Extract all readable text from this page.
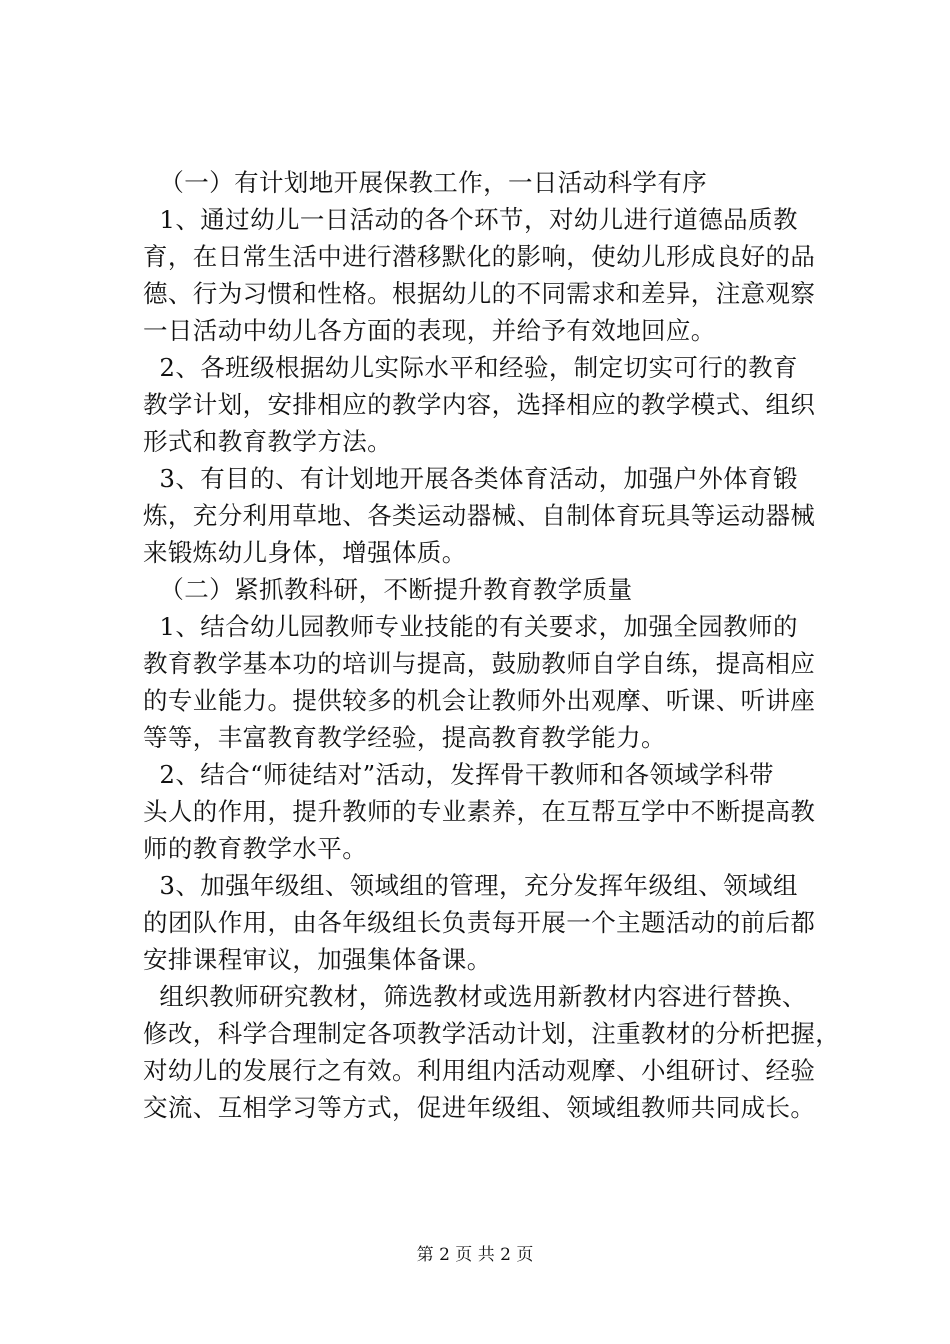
（一）有计划地开展保教工作，一日活动科学有序
1、通过幼儿一日活动的各个环节，对幼儿进行道德品质教
育，在日常生活中进行潜移默化的影响，使幼儿形成良好的品
德、行为习惯和性格。根据幼儿的不同需求和差异，注意观察
一日活动中幼儿各方面的表现，并给予有效地回应。
2、各班级根据幼儿实际水平和经验，制定切实可行的教育
教学计划，安排相应的教学内容，选择相应的教学模式、组织
形式和教育教学方法。
3、有目的、有计划地开展各类体育活动，加强户外体育锻
炼，充分利用草地、各类运动器械、自制体育玩具等运动器械
来锻炼幼儿身体，增强体质。
（二）紧抓教科研，不断提升教育教学质量
1、结合幼儿园教师专业技能的有关要求，加强全园教师的
教育教学基本功的培训与提高，鼓励教师自学自练，提高相应
的专业能力。提供较多的机会让教师外出观摩、听课、听讲座
等等，丰富教育教学经验，提高教育教学能力。
2、结合“师徒结对”活动，发挥骨干教师和各领域学科带
头人的作用，提升教师的专业素养，在互帮互学中不断提高教
师的教育教学水平。
3、加强年级组、领域组的管理，充分发挥年级组、领域组
的团队作用，由各年级组长负责每开展一个主题活动的前后都
安排课程审议，加强集体备课。
组织教师研究教材，筛选教材或选用新教材内容进行替换、
修改，科学合理制定各项教学活动计划，注重教材的分析把握，
对幼儿的发展行之有效。利用组内活动观摩、小组研讨、经验
交流、互相学习等方式，促进年级组、领域组教师共同成长。
第 2 页 共 2 页
